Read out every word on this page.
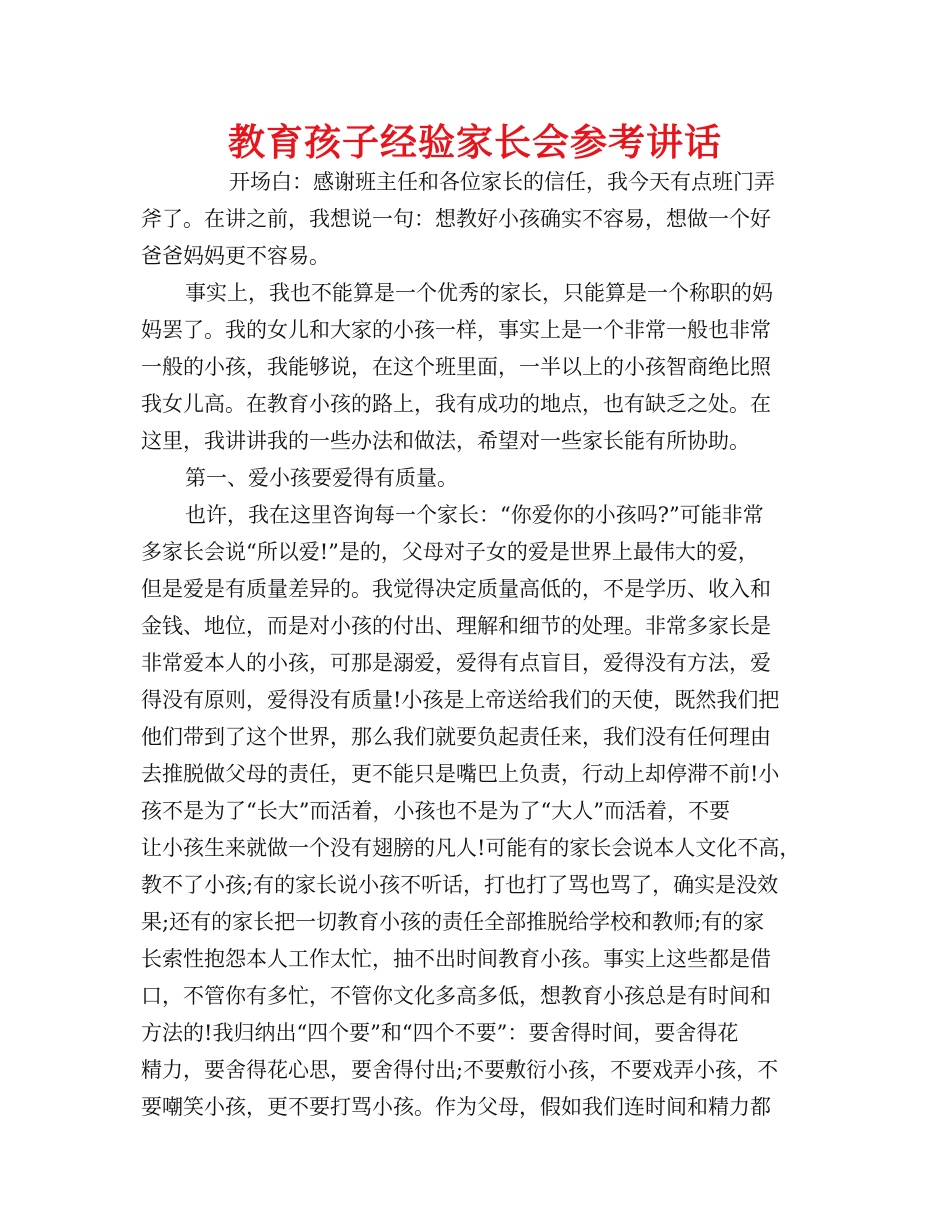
教育孩子经验家长会参考讲话
开场白：感谢班主任和各位家长的信任，我今天有点班门弄
斧了。在讲之前，我想说一句：想教好小孩确实不容易，想做一个好
爸爸妈妈更不容易。
事实上，我也不能算是一个优秀的家长，只能算是一个称职的妈
妈罢了。我的女儿和大家的小孩一样，事实上是一个非常一般也非常
一般的小孩，我能够说，在这个班里面，一半以上的小孩智商绝比照
我女儿高。在教育小孩的路上，我有成功的地点，也有缺乏之处。在
这里，我讲讲我的一些办法和做法，希望对一些家长能有所协助。
第一、爱小孩要爱得有质量。
也许，我在这里咨询每一个家长：“你爱你的小孩吗?”可能非常
多家长会说“所以爱!”是的，父母对子女的爱是世界上最伟大的爱，
但是爱是有质量差异的。我觉得决定质量高低的，不是学历、收入和
金钱、地位，而是对小孩的付出、理解和细节的处理。非常多家长是
非常爱本人的小孩，可那是溺爱，爱得有点盲目，爱得没有方法，爱
得没有原则，爱得没有质量!小孩是上帝送给我们的天使，既然我们把
他们带到了这个世界，那么我们就要负起责任来，我们没有任何理由
去推脱做父母的责任，更不能只是嘴巴上负责，行动上却停滞不前!小
孩不是为了“长大”而活着，小孩也不是为了“大人”而活着，不要
让小孩生来就做一个没有翅膀的凡人!可能有的家长会说本人文化不高，
教不了小孩;有的家长说小孩不听话，打也打了骂也骂了，确实是没效
果;还有的家长把一切教育小孩的责任全部推脱给学校和教师;有的家
长索性抱怨本人工作太忙，抽不出时间教育小孩。事实上这些都是借
口，不管你有多忙，不管你文化多高多低，想教育小孩总是有时间和
方法的!我归纳出“四个要”和“四个不要”：要舍得时间，要舍得花
精力，要舍得花心思，要舍得付出;不要敷衍小孩，不要戏弄小孩，不
要嘲笑小孩，更不要打骂小孩。作为父母，假如我们连时间和精力都
